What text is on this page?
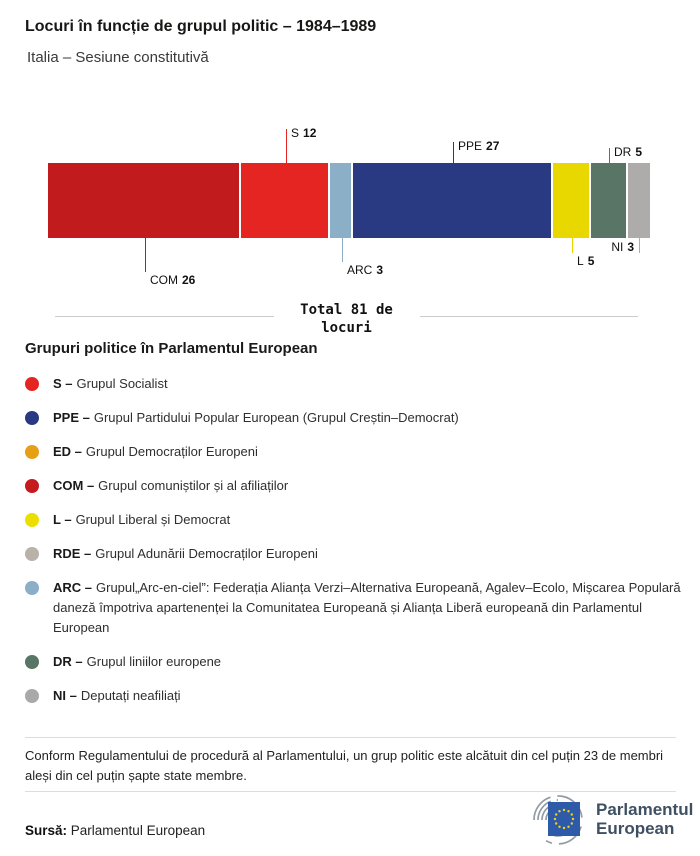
Locuri în funcție de grupul politic – 1984–1989
Italia – Sesiune constitutivă
COM 26
S 12
ARC 3
PPE 27
L 5
DR 5
NI 3
Total 81 de locuri
Grupuri politice în Parlamentul European
S – Grupul Socialist
PPE – Grupul Partidului Popular European (Grupul Creștin–Democrat)
ED – Grupul Democraților Europeni
COM – Grupul comuniștilor și al afiliaților
L – Grupul Liberal și Democrat
RDE – Grupul Adunării Democraților Europeni
ARC – Grupul„Arc-en-ciel”: Federația Alianța Verzi–Alternativa Europeană, Agalev–Ecolo, Mișcarea Populară daneză împotriva apartenenței la Comunitatea Europeană și Alianța Liberă europeană din Parlamentul European
DR – Grupul liniilor europene
NI – Deputați neafiliați
Conform Regulamentului de procedură al Parlamentului, un grup politic este alcătuit din cel puțin 23 de membri aleși din cel puțin șapte state membre.
Sursă: Parlamentul European
Parlamentul
European
